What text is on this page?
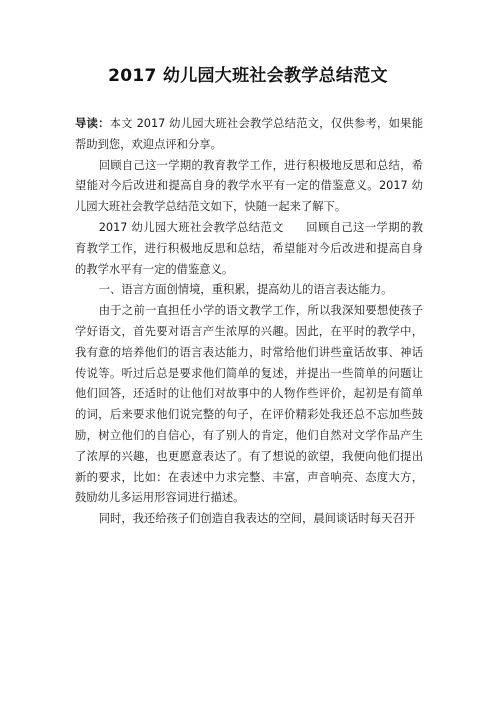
2017 幼儿园大班社会教学总结范文

导读：本文 2017 幼儿园大班社会教学总结范文，仅供参考，如果能帮助到您，欢迎点评和分享。

回顾自己这一学期的教育教学工作，进行积极地反思和总结，希望能对今后改进和提高自身的教学水平有一定的借鉴意义。2017 幼儿园大班社会教学总结范文如下，快随一起来了解下。

2017 幼儿园大班社会教学总结范文 回顾自己这一学期的教育教学工作，进行积极地反思和总结，希望能对今后改进和提高自身的教学水平有一定的借鉴意义。

一、语言方面创情境，重积累，提高幼儿的语言表达能力。

由于之前一直担任小学的语文教学工作，所以我深知要想使孩子学好语文，首先要对语言产生浓厚的兴趣。因此，在平时的教学中，我有意的培养他们的语言表达能力，时常给他们讲些童话故事、神话传说等。听过后总是要求他们简单的复述，并提出一些简单的问题让他们回答，还适时的让他们对故事中的人物作些评价，起初是有简单的词，后来要求他们说完整的句子，在评价精彩处我还总不忘加些鼓励，树立他们的自信心，有了别人的肯定，他们自然对文学作品产生了浓厚的兴趣，也更愿意表达了。有了想说的欲望，我便向他们提出新的要求，比如：在表述中力求完整、丰富，声音响亮、态度大方，鼓励幼儿多运用形容词进行描述。

同时，我还给孩子们创造自我表达的空间，晨间谈话时每天召开
